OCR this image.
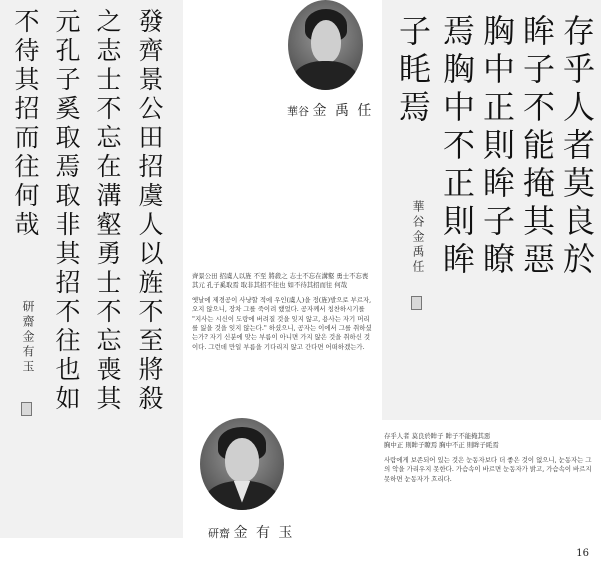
發齊景公田招虞人以旌不至將殺
之志士不忘在溝壑勇士不忘喪其
元孔子奚取焉取非其招不往也如
不待其招而往何哉
研齋金有玉
華谷 金 禹 任

齊景公田 招虞人以旌 不至 將殺之 志士不忘在溝壑 勇士不忘喪其元 孔子奚取焉 取非其招不往也 如不待其招而往 何哉

옛날에 제경공이 사냥할 적에 우인(虞人)을 정(旌)발으로 부르자, 오지 않으니, 장차 그를 죽이려 했었다. 공자께서 칭찬하시기를 "지사는 시신이 도랑에 버려질 것을 잊지 않고, 용사는 자기 머리를 잃을 것을 잊지 않는다." 하셨으니, 공자는 이에서 그를 취하셨는가? 자기 신분에 맞는 부름이 아니면 가지 않은 것을 취하신 것이다. 그런데 만일 부름을 기다리지 않고 간다면 어떠하겠는가.

研齋 金 有 玉
存乎人者莫良於
眸子不能掩其惡
胸中正則眸子瞭
焉胸中不正則眸
子眊焉
華谷金禹任

存乎人者 莫良於眸子 眸子不能掩其惡

胸中正 則眸子瞭焉 胸中不正 則眸子眊焉

사람에게 보존되어 있는 것은 눈동자보다 더 좋은 것이 없으니, 눈동자는 그의 악을 가리우지 못한다. 가슴속이 바르면 눈동자가 밝고, 가슴속이 바르지 못하면 눈동자가 흐리다.

16
